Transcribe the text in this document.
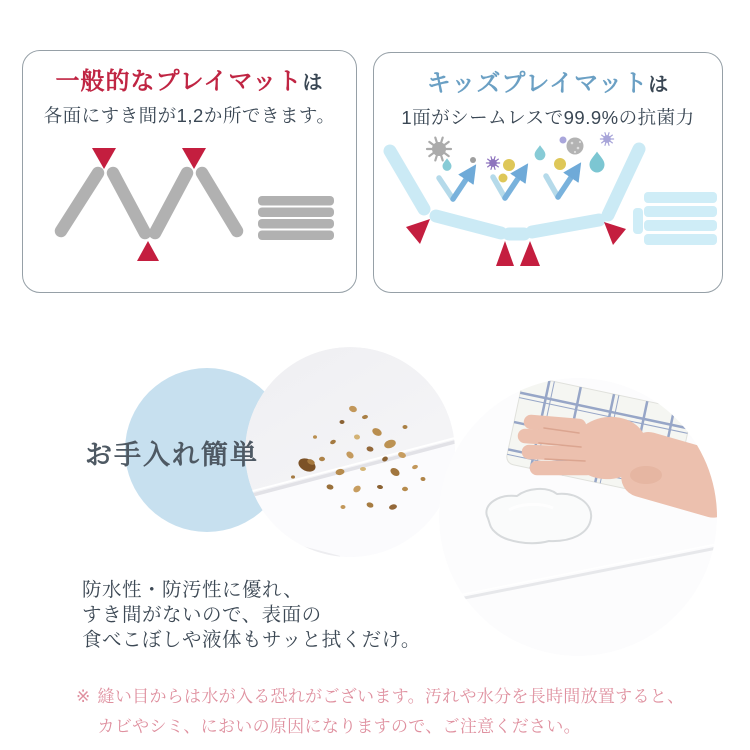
一般的なプレイマットは
各面にすき間が1,2か所できます。
キッズプレイマットは
1面がシームレスで99.9%の抗菌力
お手入れ簡単
防水性・防汚性に優れ、
すき間がないので、表面の
食べこぼしや液体もサッと拭くだけ。
※ 縫い目からは水が入る恐れがございます。汚れや水分を長時間放置すると、
カビやシミ、においの原因になりますので、ご注意ください。
